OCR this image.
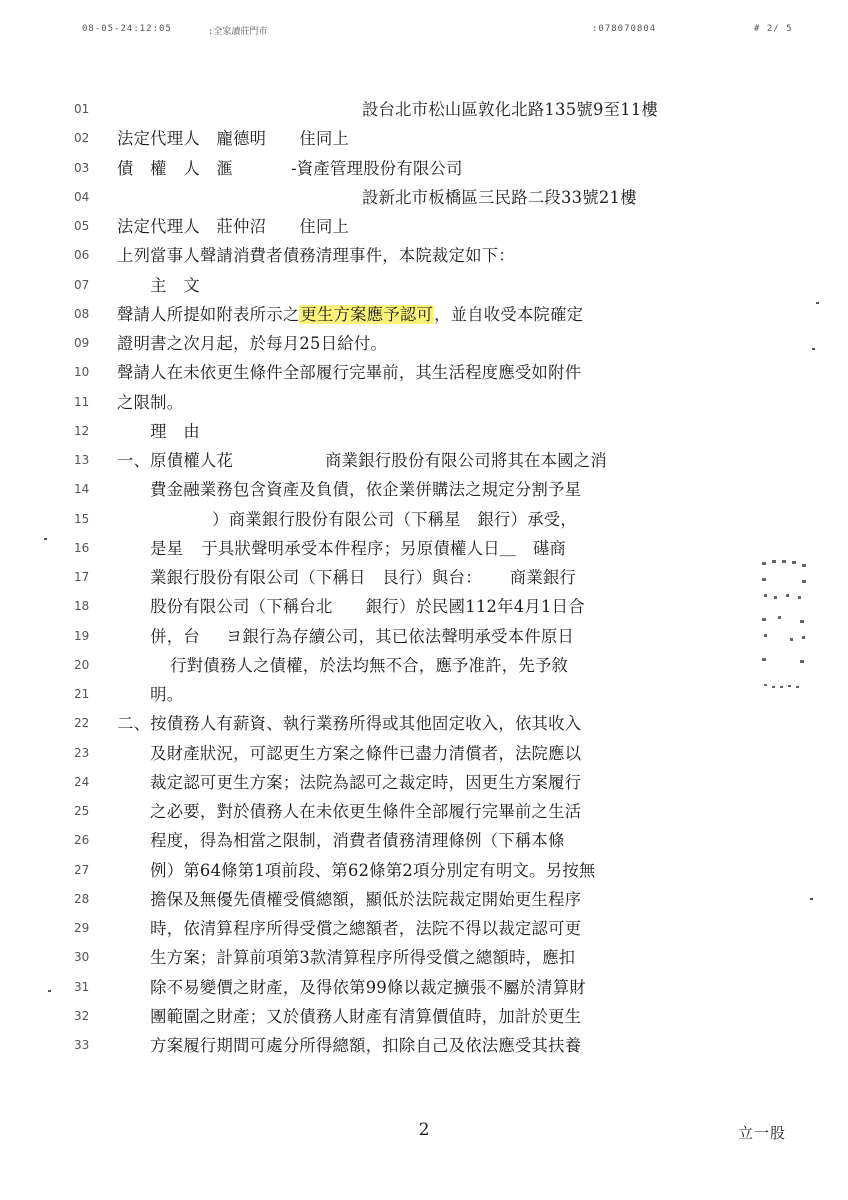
08-05-24:12:05	:全家讀莊門市	:078070804	# 2/ 5
01	設台北市松山區敦化北路135號9至11樓
02	法定代理人　龐德明　　住同上
03	債　權　人　滙	-資產管理股份有限公司
04	設新北市板橋區三民路二段33號21樓
05	法定代理人　莊仲沼　　住同上
06	上列當事人聲請消費者債務清理事件，本院裁定如下：
07	　　主　文
08	聲請人所提如附表所示之更生方案應予認可，並自收受本院確定
09	證明書之次月起，於每月25日給付。
10	聲請人在未依更生條件全部履行完畢前，其生活程度應受如附件
11	之限制。
12	　　理　由
13	一、原債權人花	商業銀行股份有限公司將其在本國之消
14	　　費金融業務包含資產及負債，依企業併購法之規定分割予星
15
　　	）商業銀行股份有限公司（下稱星　銀行）承受，
16	　　是星 于具狀聲明承受本件程序；另原債權人日＿　𥕛商
17	　　業銀行股份有限公司（下稱日　艮行）與台： 商業銀行
18	　　股份有限公司（下稱台北　　銀行）於民國112年4月1日合
19	　　併，台 ヨ銀行為存續公司，其已依法聲明承受本件原日
20
　　	行對債務人之債權，於法均無不合，應予准許，先予敘
21	　　明。
22	二、按債務人有薪資、執行業務所得或其他固定收入，依其收入
23	　　及財產狀況，可認更生方案之條件已盡力清償者，法院應以
24	　　裁定認可更生方案；法院為認可之裁定時，因更生方案履行
25	　　之必要，對於債務人在未依更生條件全部履行完畢前之生活
26	　　程度，得為相當之限制，消費者債務清理條例（下稱本條
27	　　例）第64條第1項前段、第62條第2項分別定有明文。另按無
28	　　擔保及無優先債權受償總額，顯低於法院裁定開始更生程序
29	　　時，依清算程序所得受償之總額者，法院不得以裁定認可更
30	　　生方案；計算前項第3款清算程序所得受償之總額時，應扣
31	　　除不易變價之財產，及得依第99條以裁定擴張不屬於清算財
32	　　團範圍之財產；又於債務人財產有清算價值時，加計於更生
33	　　方案履行期間可處分所得總額，扣除自己及依法應受其扶養
2	立一股
